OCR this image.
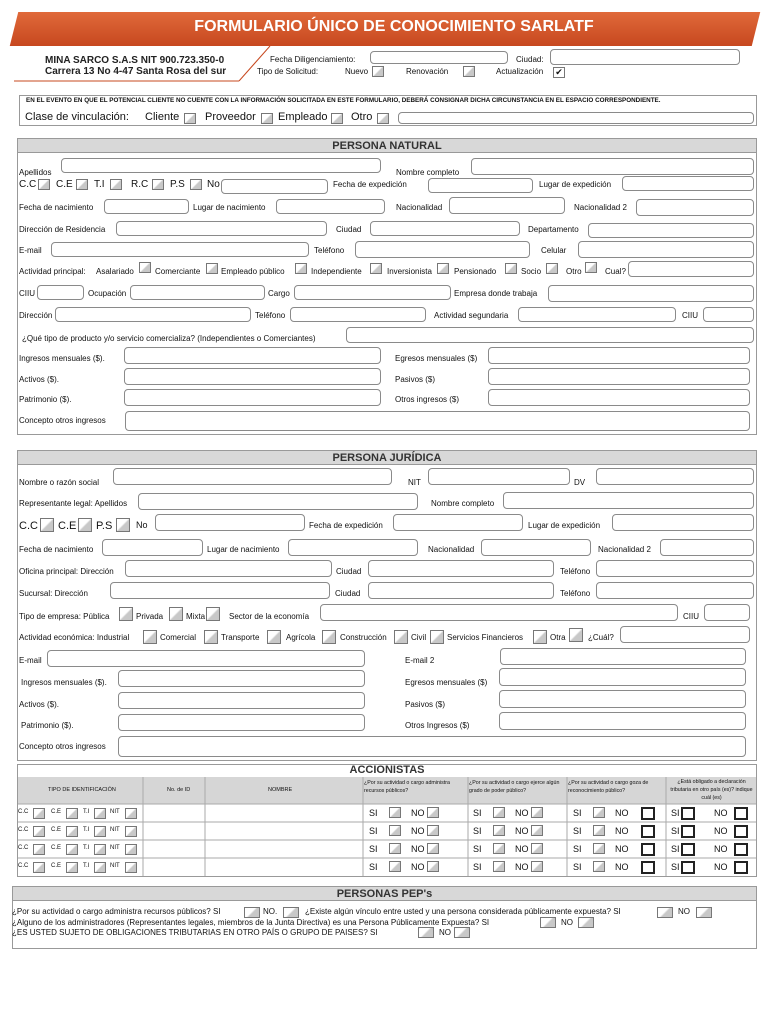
FORMULARIO ÚNICO DE CONOCIMIENTO SARLATF
MINA SARCO S.A.S NIT 900.723.350-0
Carrera 13 No 4-47 Santa Rosa del sur
Fecha Diligenciamiento:	Ciudad:
Tipo de Solicitud:	Nuevo	Renovación	Actualización ✔
EN EL EVENTO EN QUE EL POTENCIAL CLIENTE NO CUENTE CON LA INFORMACIÓN SOLICITADA EN ESTE FORMULARIO, DEBERÁ CONSIGNAR DICHA CIRCUNSTANCIA EN EL ESPACIO CORRESPONDIENTE.
Clase de vinculación: Cliente Proveedor Empleado Otro
PERSONA NATURAL
Apellidos	Nombre completo
C.C C.E T.I	R.C P.S No	Fecha de expedición	Lugar de expedición
Fecha de nacimiento	Lugar de nacimiento	Nacionalidad	Nacionalidad 2
Dirección de Residencia	Ciudad	Departamento
E-mail	Teléfono	Celular
Actividad principal: Asalariado	Comerciante	Empleado público	Independiente	Inversionista	Pensionado	Socio	Otro	Cual?
CIIU	Ocupación	Cargo	Empresa donde trabaja
Dirección	Teléfono	Actividad segundaria	CIIU
¿Qué tipo de producto y/o servicio comercializa? (Independientes o Comerciantes)
Ingresos mensuales ($).	Egresos mensuales ($)
Activos ($).	Pasivos ($)
Patrimonio ($).	Otros ingresos ($)
Concepto otros ingresos
PERSONA JURÍDICA
Nombre o razón social	NIT	DV
Representante legal: Apellidos	Nombre completo
C.C C.E P.S	No	Fecha de expedición	Lugar de expedición
Fecha de nacimiento	Lugar de nacimiento	Nacionalidad	Nacionalidad 2
Oficina principal: Dirección	Ciudad	Teléfono
Sucursal: Dirección	Ciudad	Teléfono
Tipo de empresa: Pública	Privada	Mixta	Sector de la economía	CIIU
Actividad económica: Industrial	Comercial	Transporte	Agrícola	Construcción	Civil	Servicios Financieros	Otra	¿Cuál?
E-mail	E-mail 2
Ingresos mensuales ($).	Egresos mensuales ($)
Activos ($).	Pasivos ($)
Patrimonio ($).	Otros Ingresos ($)
Concepto otros ingresos
ACCIONISTAS
TIPO DE IDENTIFICACIÓN	No. de ID	NOMBRE
¿Por su actividad o cargo administra recursos públicos?
¿Por su actividad o cargo ejerce algún grado de poder público?
¿Por su actividad o cargo goza de reconocimiento público?
¿Está obligado a declaración tributaria en otro país (es)? indique cuál (es)
C.C	C.E	T.I	NIT	SI	NO	SI	NO	SI	NO	SI	NO
C.C	C.E	T.I	NIT	SI	NO	SI	NO	SI	NO	SI	NO
C.C	C.E	T.I	NIT	SI	NO	SI	NO	SI	NO	SI	NO
C.C	C.E	T.I	NIT	SI	NO	SI	NO	SI	NO	SI	NO
PERSONAS PEP's
¿Por su actividad o cargo administra recursos públicos? SI	NO.	¿Existe algún vínculo entre usted y una persona considerada públicamente expuesta? SI	NO
¿Alguno de los administradores (Representantes legales, miembros de la Junta Directiva) es una Persona Públicamente Expuesta? SI	NO
¿ES USTED SUJETO DE OBLIGACIONES TRIBUTARIAS EN OTRO PAÍS O GRUPO DE PAISES? SI	NO
